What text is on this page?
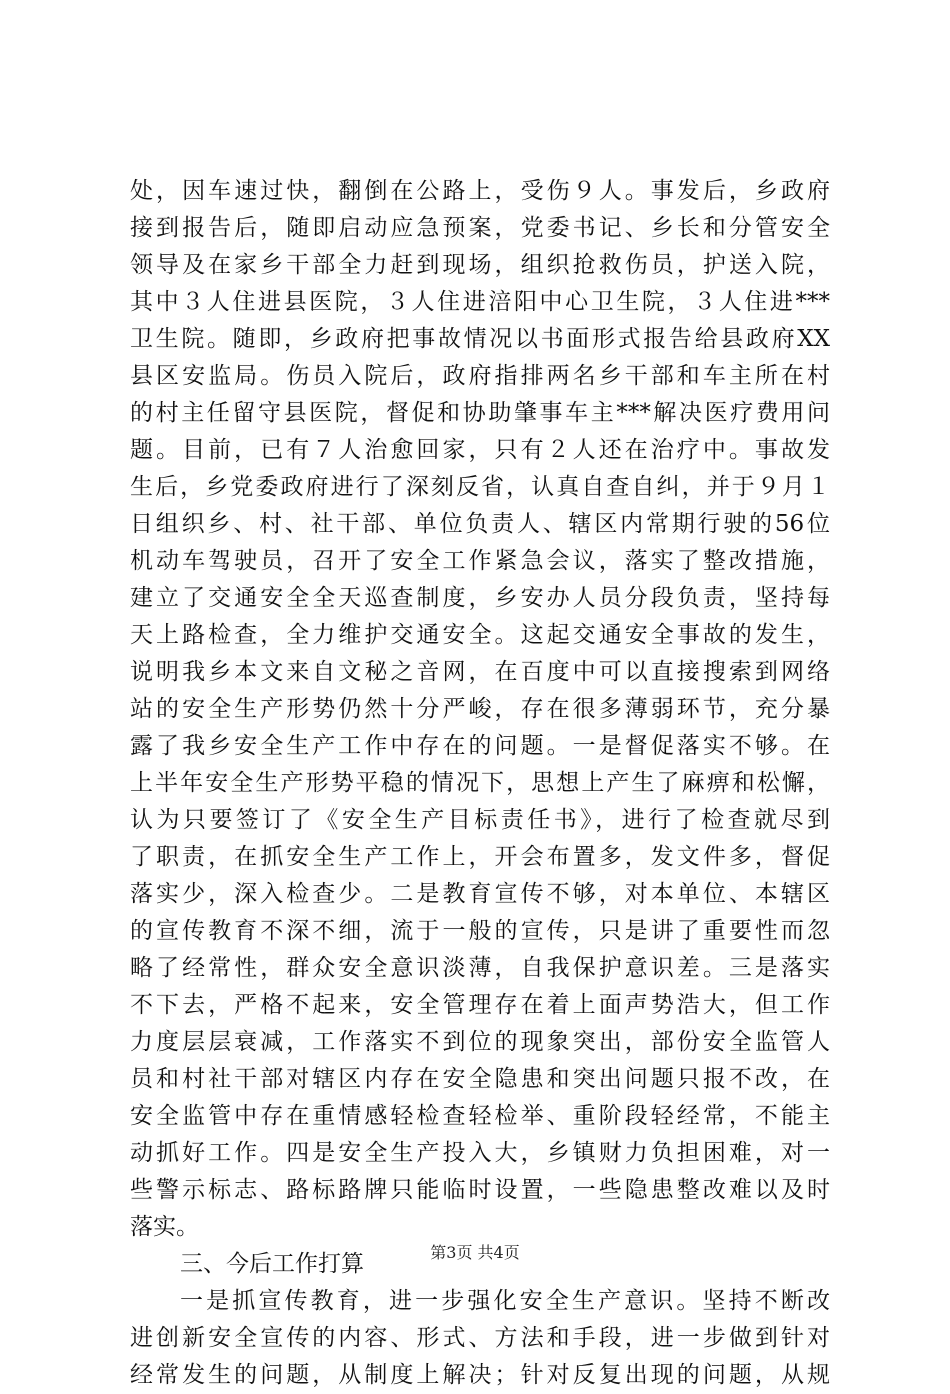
处，因车速过快，翻倒在公路上，受伤９人。事发后，乡政府
接到报告后，随即启动应急预案，党委书记、乡长和分管安全
领导及在家乡干部全力赶到现场，组织抢救伤员，护送入院，
其中３人住进县医院，３人住进涪阳中心卫生院，３人住进***
卫生院。随即，乡政府把事故情况以书面形式报告给县政府XX
县区安监局。伤员入院后，政府指排两名乡干部和车主所在村
的村主任留守县医院，督促和协助肇事车主***解决医疗费用问
题。目前，已有７人治愈回家，只有２人还在治疗中。事故发
生后，乡党委政府进行了深刻反省，认真自查自纠，并于９月１
日组织乡、村、社干部、单位负责人、辖区内常期行驶的56位
机动车驾驶员，召开了安全工作紧急会议，落实了整改措施，
建立了交通安全全天巡查制度，乡安办人员分段负责，坚持每
天上路检查，全力维护交通安全。这起交通安全事故的发生，
说明我乡本文来自文秘之音网，在百度中可以直接搜索到网络
站的安全生产形势仍然十分严峻，存在很多薄弱环节，充分暴
露了我乡安全生产工作中存在的问题。一是督促落实不够。在
上半年安全生产形势平稳的情况下，思想上产生了麻痹和松懈，
认为只要签订了《安全生产目标责任书》，进行了检查就尽到
了职责，在抓安全生产工作上，开会布置多，发文件多，督促
落实少，深入检查少。二是教育宣传不够，对本单位、本辖区
的宣传教育不深不细，流于一般的宣传，只是讲了重要性而忽
略了经常性，群众安全意识淡薄，自我保护意识差。三是落实
不下去，严格不起来，安全管理存在着上面声势浩大，但工作
力度层层衰减，工作落实不到位的现象突出，部份安全监管人
员和村社干部对辖区内存在安全隐患和突出问题只报不改，在
安全监管中存在重情感轻检查轻检举、重阶段轻经常，不能主
动抓好工作。四是安全生产投入大，乡镇财力负担困难，对一
些警示标志、路标路牌只能临时设置，一些隐患整改难以及时
落实。
三、今后工作打算
一是抓宣传教育，进一步强化安全生产意识。坚持不断改
进创新安全宣传的内容、形式、方法和手段，进一步做到针对
经常发生的问题，从制度上解决；针对反复出现的问题，从规
第3页 共4页
